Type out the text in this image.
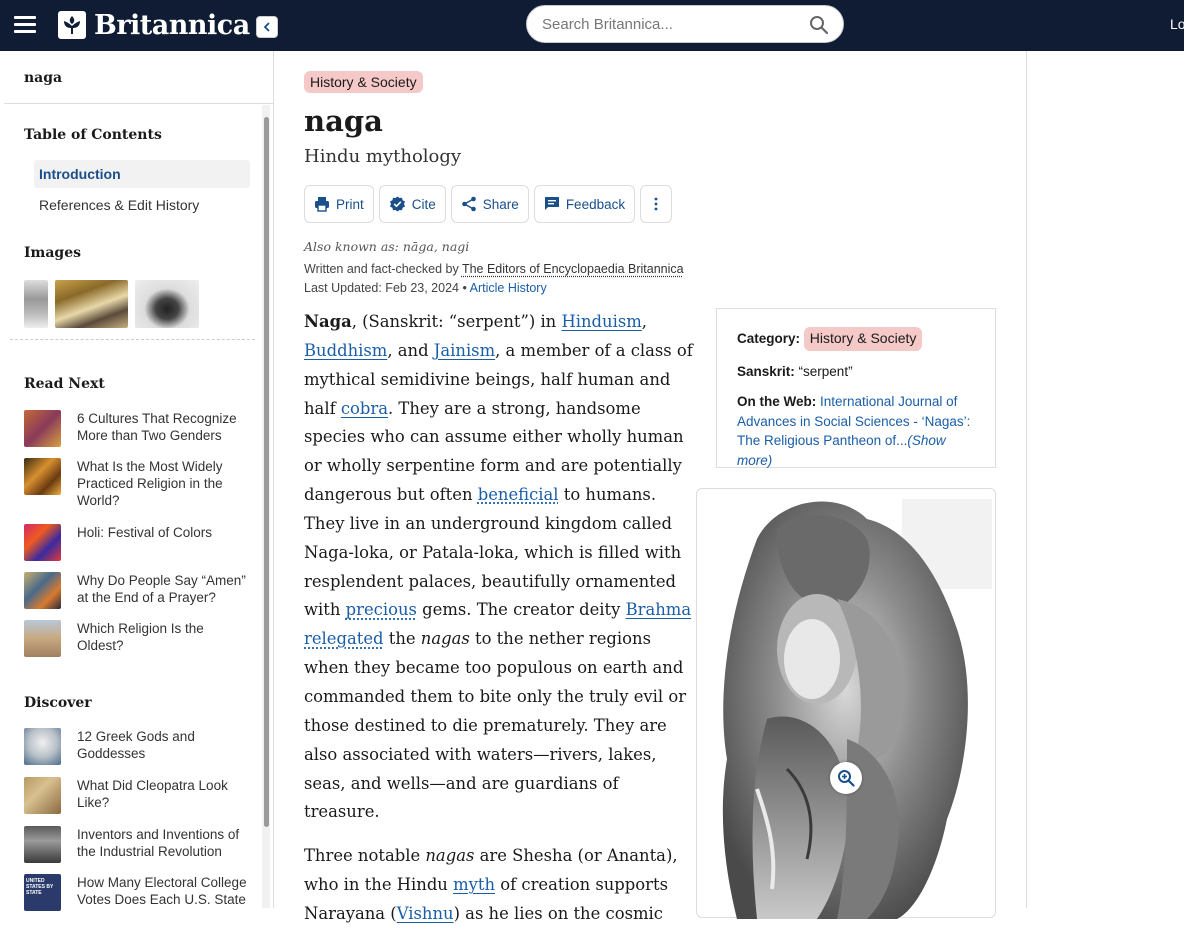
Britannica
Search Britannica...	Lo
naga
Table of Contents
Introduction
References & Edit History
Images
Read Next
6 Cultures That Recognize More than Two Genders
What Is the Most Widely Practiced Religion in the World?
Holi: Festival of Colors
Why Do People Say “Amen” at the End of a Prayer?
Which Religion Is the Oldest?
Discover
12 Greek Gods and Goddesses
What Did Cleopatra Look Like?
Inventors and Inventions of the Industrial Revolution
UNITED STATES BY STATE
How Many Electoral College Votes Does Each U.S. State
History & Society
naga
Hindu mythology
Print	Cite	Share	Feedback
Also known as: nāga, nagi
Written and fact-checked by The Editors of Encyclopaedia Britannica
Last Updated: Feb 23, 2024 • Article History

Naga, (Sanskrit: “serpent”) in Hinduism, Buddhism, and Jainism, a member of a class of mythical semidivine beings, half human and half cobra. They are a strong, handsome species who can assume either wholly human or wholly serpentine form and are potentially dangerous but often beneficial to humans. They live in an underground kingdom called Naga-loka, or Patala-loka, which is filled with resplendent palaces, beautifully ornamented with precious gems. The creator deity Brahma relegated the nagas to the nether regions when they became too populous on earth and commanded them to bite only the truly evil or those destined to die prematurely. They are also associated with waters—rivers, lakes, seas, and wells—and are guardians of treasure.

Three notable nagas are Shesha (or Ananta), who in the Hindu myth of creation supports Narayana (Vishnu) as he lies on the cosmic

Category: History & Society
Sanskrit: “serpent”
On the Web: International Journal of Advances in Social Sciences - ‘Nagas’: The Religious Pantheon of...(Show more)
